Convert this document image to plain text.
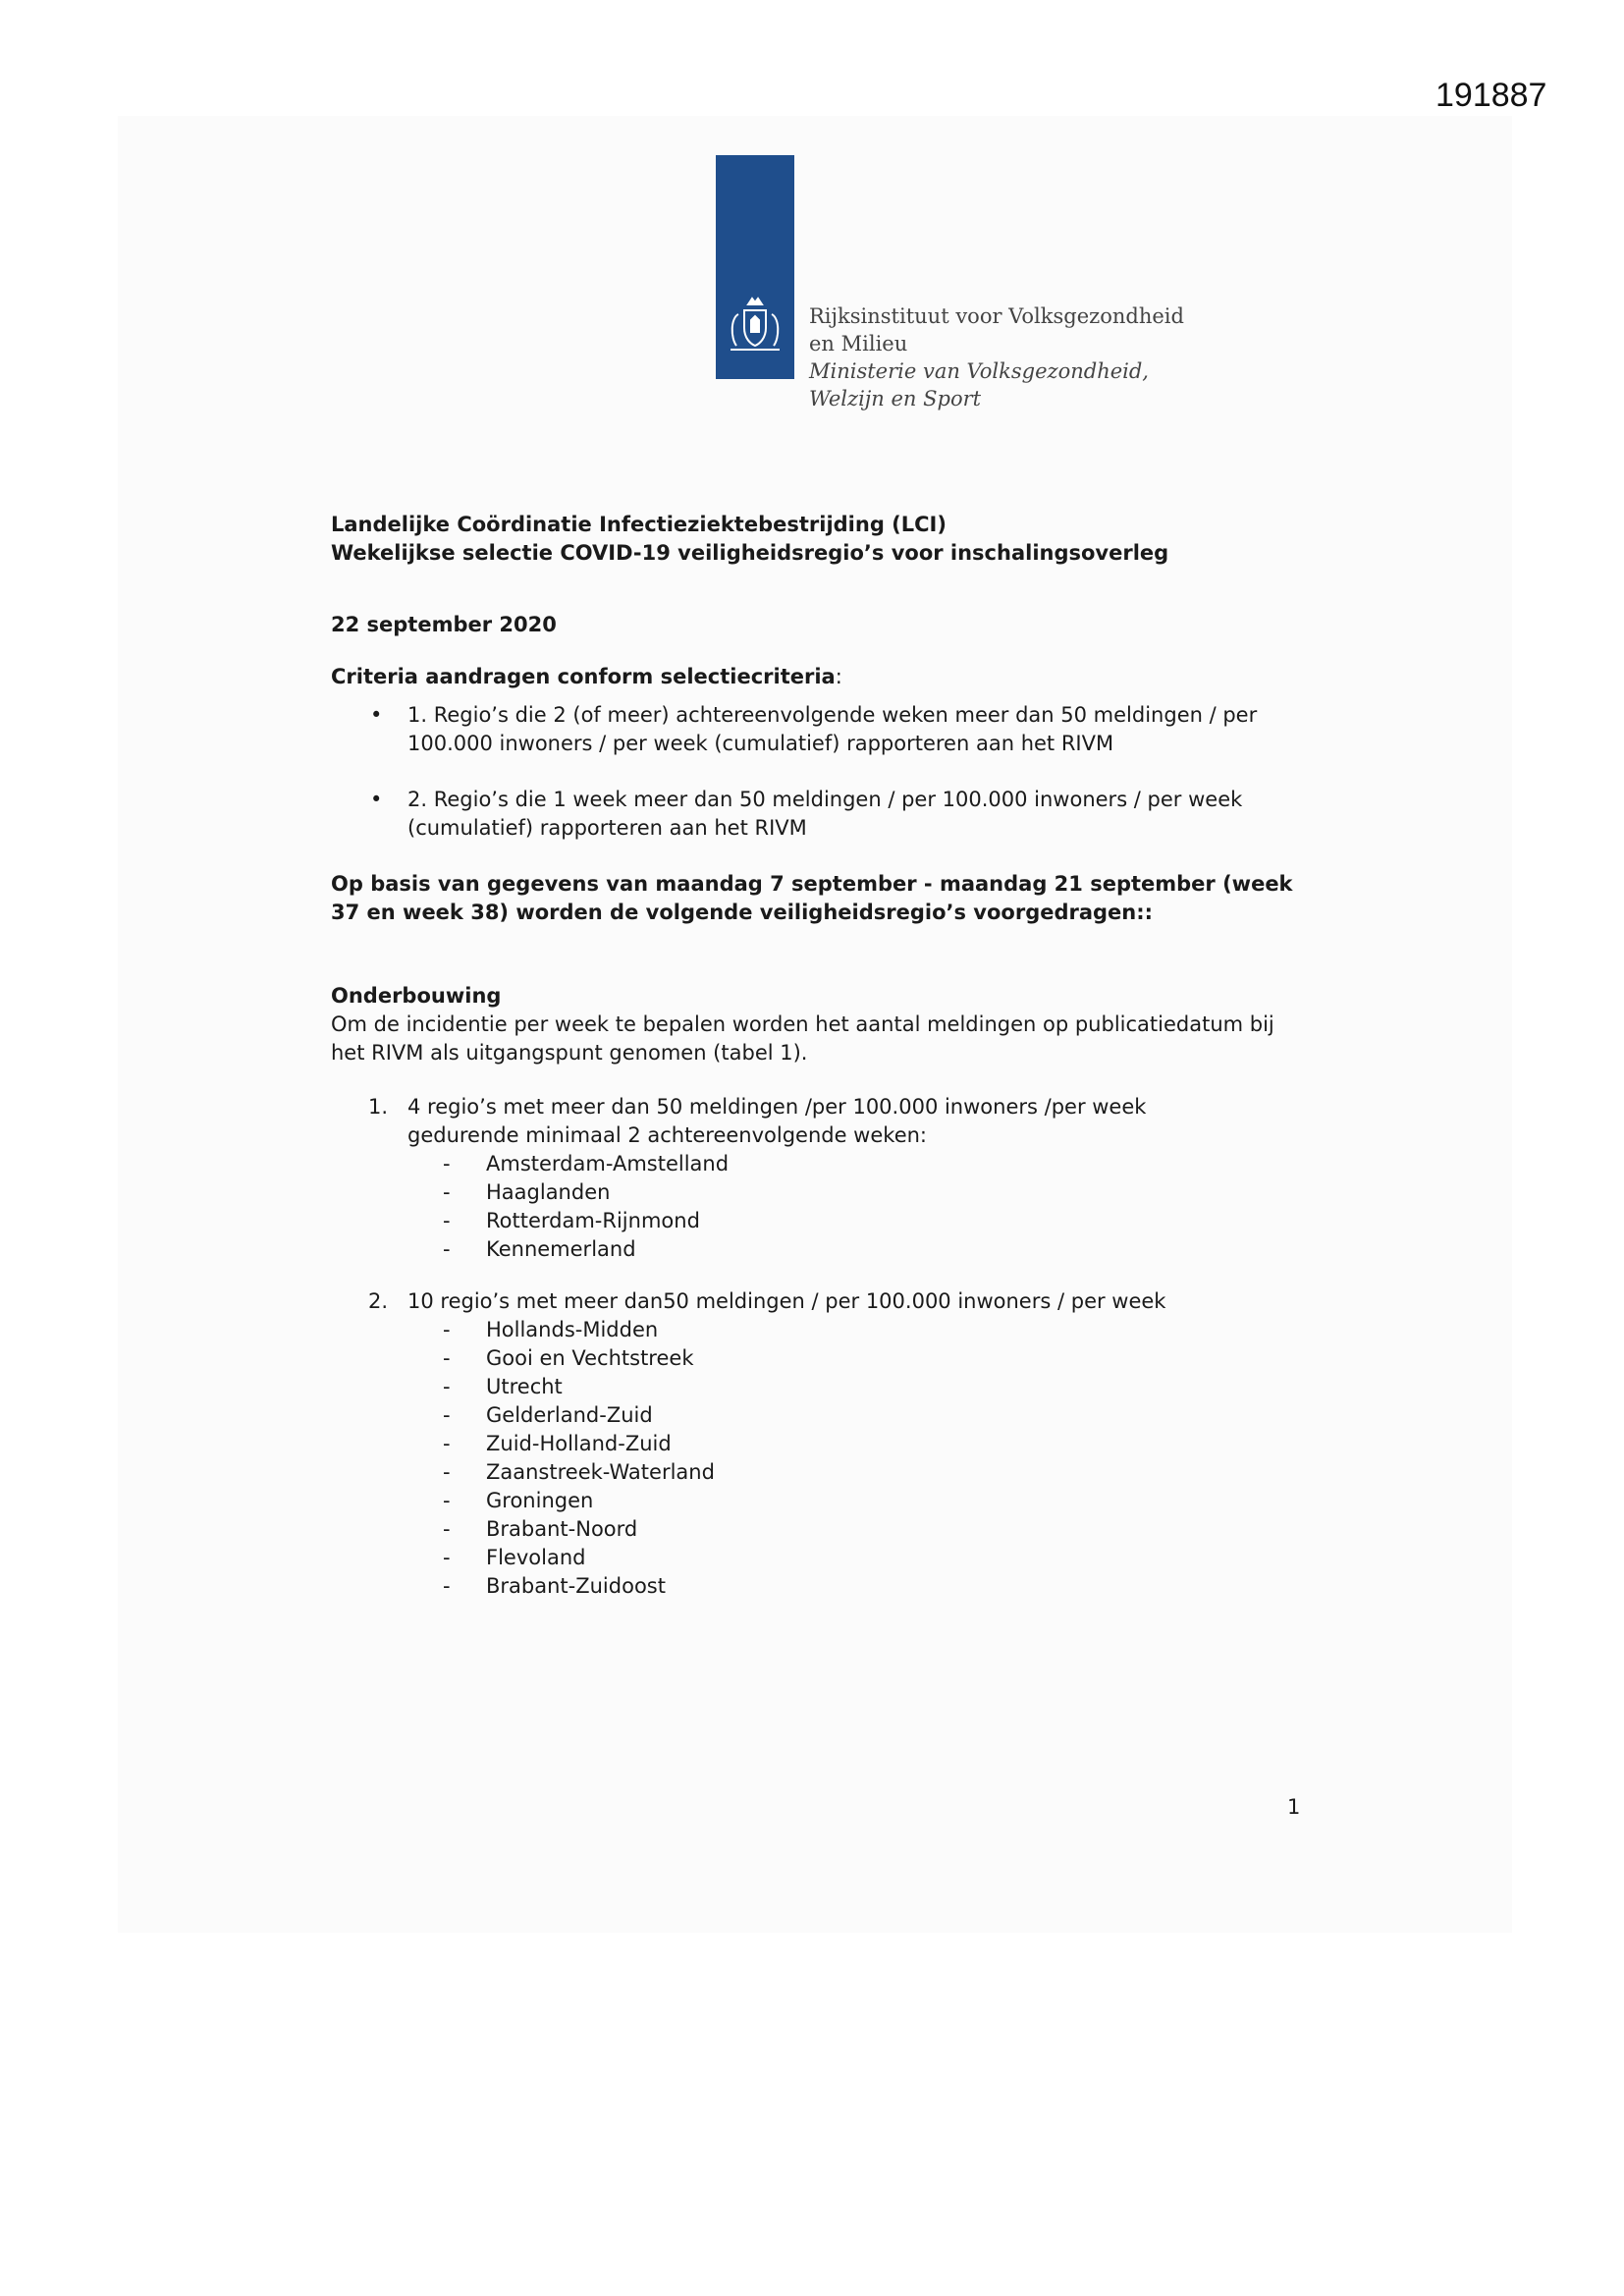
191887
Rijksinstituut voor Volksgezondheid
en Milieu
Ministerie van Volksgezondheid,
Welzijn en Sport
Landelijke Coördinatie Infectieziektebestrijding (LCI)
Wekelijkse selectie COVID-19 veiligheidsregio’s voor inschalingsoverleg

22 september 2020

Criteria aandragen conform selectiecriteria:

• 1. Regio’s die 2 (of meer) achtereenvolgende weken meer dan 50 meldingen / per 100.000 inwoners / per week (cumulatief) rapporteren aan het RIVM
• 2. Regio’s die 1 week meer dan 50 meldingen / per 100.000 inwoners / per week (cumulatief) rapporteren aan het RIVM

Op basis van gegevens van maandag 7 september - maandag 21 september (week 37 en week 38) worden de volgende veiligheidsregio’s voorgedragen::

Onderbouwing

Om de incidentie per week te bepalen worden het aantal meldingen op publicatiedatum bij het RIVM als uitgangspunt genomen (tabel 1).

1. 4 regio’s met meer dan 50 meldingen /per 100.000 inwoners /per week gedurende minimaal 2 achtereenvolgende weken:
- Amsterdam-Amstelland
- Haaglanden
- Rotterdam-Rijnmond
- Kennemerland
2. 10 regio’s met meer dan50 meldingen / per 100.000 inwoners / per week
- Hollands-Midden
- Gooi en Vechtstreek
- Utrecht
- Gelderland-Zuid
- Zuid-Holland-Zuid
- Zaanstreek-Waterland
- Groningen
- Brabant-Noord
- Flevoland
- Brabant-Zuidoost
1
